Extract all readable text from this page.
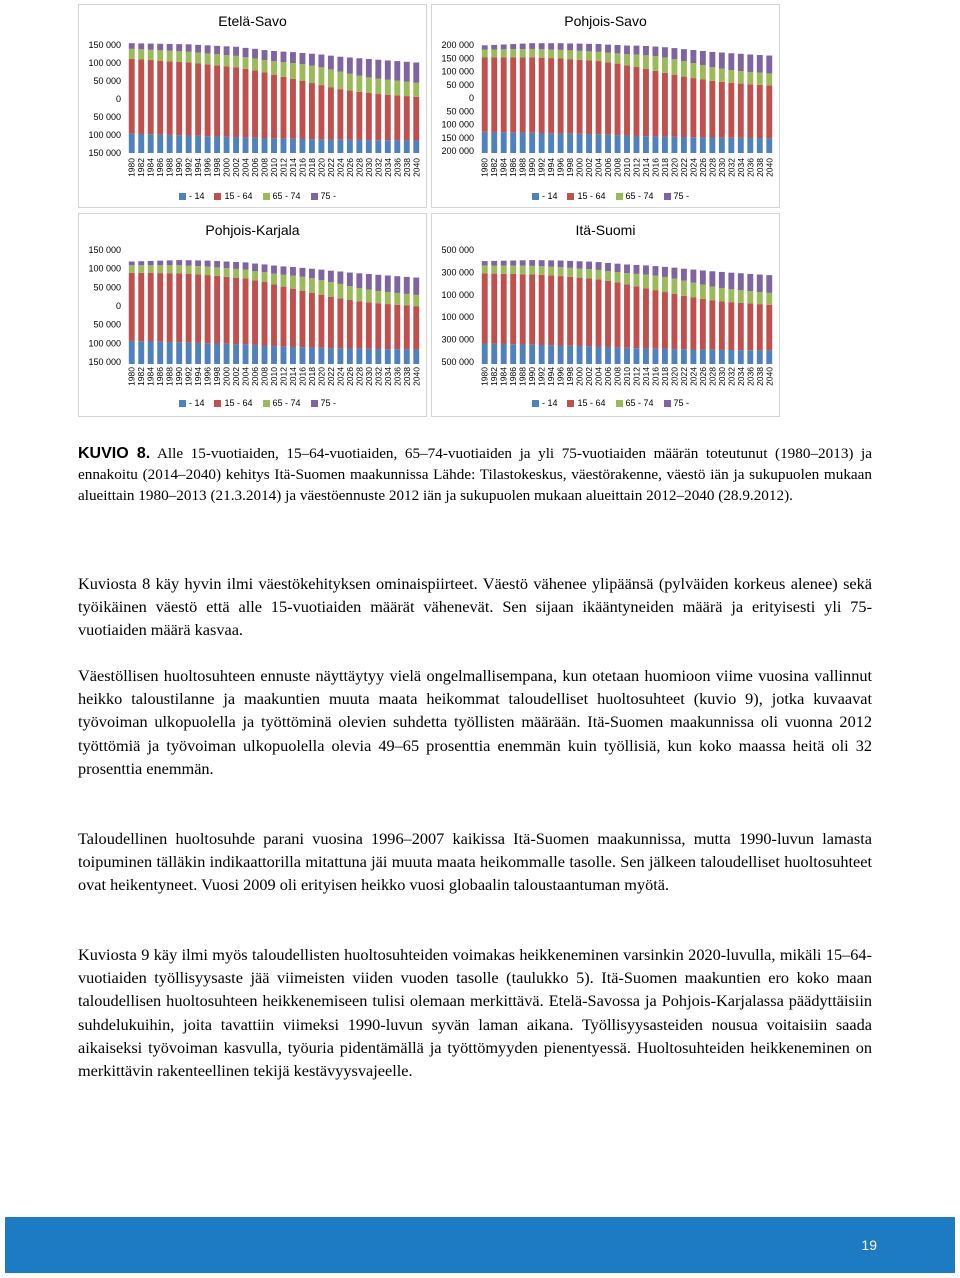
Etelä-Savo
150 000
100 000
50 000
0
50 000
100 000
150 000
1980 1982 1984 1986 1988 1990 1992 1994 1996 1998 2000 2002 2004 2006 2008 2010 2012 2014 2016 2018 2020 2022 2024 2026 2028 2030 2032 2034 2036 2038 2040
- 14 15 - 64 65 - 74 75 -
Pohjois-Savo
200 000
150 000
100 000
50 000
0
50 000
100 000
150 000
200 000
1980 1982 1984 1986 1988 1990 1992 1994 1996 1998 2000 2002 2004 2006 2008 2010 2012 2014 2016 2018 2020 2022 2024 2026 2028 2030 2032 2034 2036 2038 2040
- 14 15 - 64 65 - 74 75 -
Pohjois-Karjala
150 000
100 000
50 000
0
50 000
100 000
150 000
1980 1982 1984 1986 1988 1990 1992 1994 1996 1998 2000 2002 2004 2006 2008 2010 2012 2014 2016 2018 2020 2022 2024 2026 2028 2030 2032 2034 2036 2038 2040
- 14 15 - 64 65 - 74 75 -
Itä-Suomi
500 000
300 000
100 000
100 000
300 000
500 000
1980 1982 1984 1986 1988 1990 1992 1994 1996 1998 2000 2002 2004 2006 2008 2010 2012 2014 2016 2018 2020 2022 2024 2026 2028 2030 2032 2034 2036 2038 2040
- 14 15 - 64 65 - 74 75 -
KUVIO 8. Alle 15-vuotiaiden, 15–64-vuotiaiden, 65–74-vuotiaiden ja yli 75-vuotiaiden määrän toteutunut (1980–2013) ja ennakoitu (2014–2040) kehitys Itä-Suomen maakunnissa Lähde: Tilastokeskus, väestörakenne, väestö iän ja sukupuolen mukaan alueittain 1980–2013 (21.3.2014) ja väestöennuste 2012 iän ja sukupuolen mukaan alueittain 2012–2040 (28.9.2012).

Kuviosta 8 käy hyvin ilmi väestökehityksen ominaispiirteet. Väestö vähenee ylipäänsä (pylväiden korkeus alenee) sekä työikäinen väestö että alle 15-vuotiaiden määrät vähenevät. Sen sijaan ikääntyneiden määrä ja erityisesti yli 75-vuotiaiden määrä kasvaa.

Väestöllisen huoltosuhteen ennuste näyttäytyy vielä ongelmallisempana, kun otetaan huomioon viime vuosina vallinnut heikko taloustilanne ja maakuntien muuta maata heikommat taloudelliset huoltosuhteet (kuvio 9), jotka kuvaavat työvoiman ulkopuolella ja työttöminä olevien suhdetta työllisten määrään. Itä-Suomen maakunnissa oli vuonna 2012 työttömiä ja työvoiman ulkopuolella olevia 49–65 prosenttia enemmän kuin työllisiä, kun koko maassa heitä oli 32 prosenttia enemmän.

Taloudellinen huoltosuhde parani vuosina 1996–2007 kaikissa Itä-Suomen maakunnissa, mutta 1990-luvun lamasta toipuminen tälläkin indikaattorilla mitattuna jäi muuta maata heikommalle tasolle. Sen jälkeen taloudelliset huoltosuhteet ovat heikentyneet. Vuosi 2009 oli erityisen heikko vuosi globaalin taloustaantuman myötä.

Kuviosta 9 käy ilmi myös taloudellisten huoltosuhteiden voimakas heikkeneminen varsinkin 2020-luvulla, mikäli 15–64-vuotiaiden työllisyysaste jää viimeisten viiden vuoden tasolle (taulukko 5). Itä-Suomen maakuntien ero koko maan taloudellisen huoltosuhteen heikkenemiseen tulisi olemaan merkittävä. Etelä-Savossa ja Pohjois-Karjalassa päädyttäisiin suhdelukuihin, joita tavattiin viimeksi 1990-luvun syvän laman aikana. Työllisyysasteiden nousua voitaisiin saada aikaiseksi työvoiman kasvulla, työuria pidentämällä ja työttömyyden pienentyessä. Huoltosuhteiden heikkeneminen on merkittävin rakenteellinen tekijä kestävyysvajeelle.

19
